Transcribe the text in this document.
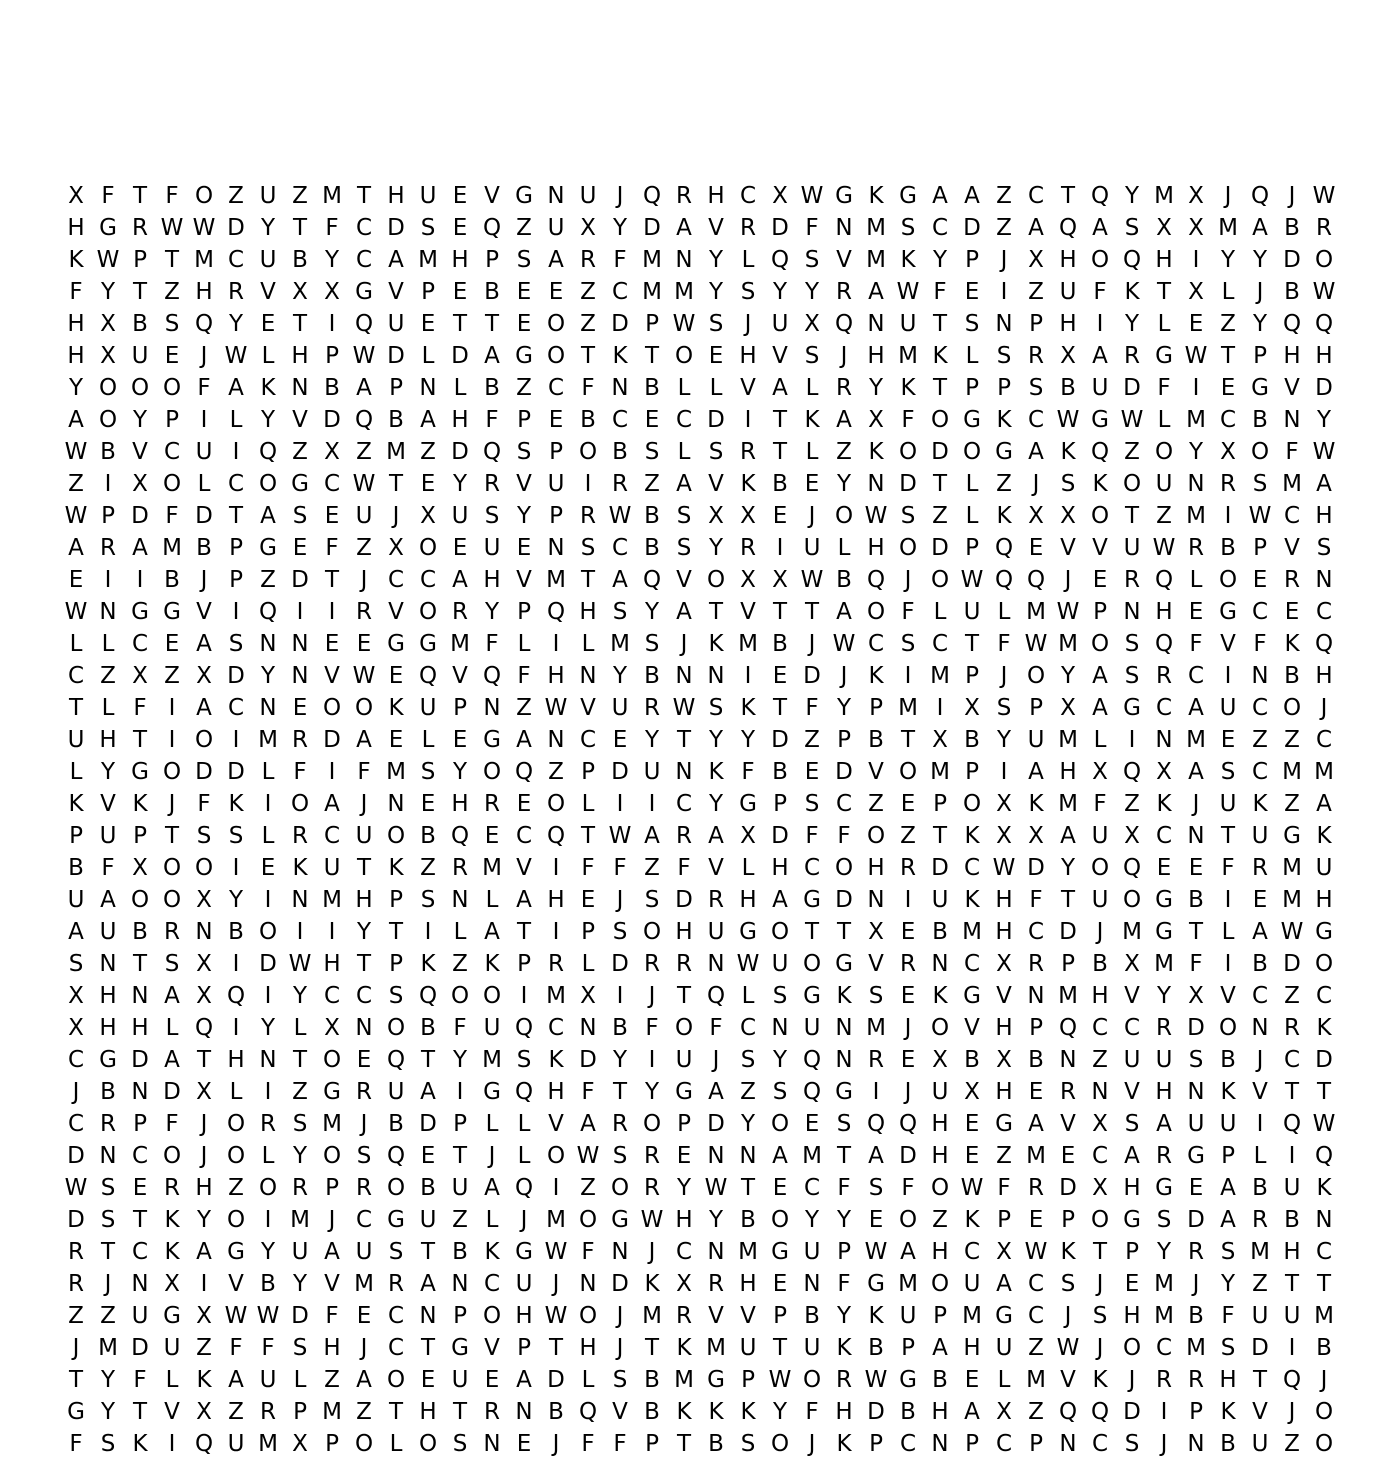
X F T F O Z U Z M T H U E V G N U J Q R H C X W G K G A A Z C T Q Y M X J Q J W
H G R W W D Y T F C D S E Q Z U X Y D A V R D F N M S C D Z A Q A S X X M A B R
K W P T M C U B Y C A M H P S A R F M N Y L Q S V M K Y P J X H O Q H I Y Y D O
F Y T Z H R V X X G V P E B E E Z C M M Y S Y Y R A W F E I Z U F K T X L J B W
H X B S Q Y E T I Q U E T T E O Z D P W S J U X Q N U T S N P H I Y L E Z Y Q Q
H X U E J W L H P W D L D A G O T K T O E H V S J H M K L S R X A R G W T P H H
Y O O O F A K N B A P N L B Z C F N B L L V A L R Y K T P P S B U D F I E G V D
A O Y P I L Y V D Q B A H F P E B C E C D I T K A X F O G K C W G W L M C B N Y
W B V C U I Q Z X Z M Z D Q S P O B S L S R T L Z K O D O G A K Q Z O Y X O F W
Z I X O L C O G C W T E Y R V U I R Z A V K B E Y N D T L Z J S K O U N R S M A
W P D F D T A S E U J X U S Y P R W B S X X E J O W S Z L K X X O T Z M I W C H
A R A M B P G E F Z X O E U E N S C B S Y R I U L H O D P Q E V V U W R B P V S
E I	I B J P Z D T J C C A H V M T A Q V O X X W B Q J O W Q Q J E R Q L O E R N
W N G G V I Q I	I R V O R Y P Q H S Y A T V T T A O F L U L M W P N H E G C E C
L L C E A S N N E E G G M F L I L M S J K M B J W C S C T F W M O S Q F V F K Q
C Z X Z X D Y N V W E Q V Q F H N Y B N N I E D J K I M P J O Y A S R C I N B H
T L F I A C N E O O K U P N Z W V U R W S K T F Y P M I X S P X A G C A U C O J
U H T I O I M R D A E L E G A N C E Y T Y Y D Z P B T X B Y U M L I N M E Z Z C
L Y G O D D L F I F M S Y O Q Z P D U N K F B E D V O M P I A H X Q X A S C M M
K V K J F K I O A J N E H R E O L I	I C Y G P S C Z E P O X K M F Z K J U K Z A
P U P T S S L R C U O B Q E C Q T W A R A X D F F O Z T K X X A U X C N T U G K
B F X O O I E K U T K Z R M V I F F Z F V L H C O H R D C W D Y O Q E E F R M U
U A O O X Y I N M H P S N L A H E J S D R H A G D N I U K H F T U O G B I E M H
A U B R N B O I	I Y T I L A T I P S O H U G O T T X E B M H C D J M G T L A W G
S N T S X I D W H T P K Z K P R L D R R N W U O G V R N C X R P B X M F I B D O
X H N A X Q I Y C C S Q O O I M X I	J T Q L S G K S E K G V N M H V Y X V C Z C
X H H L Q I Y L X N O B F U Q C N B F O F C N U N M J O V H P Q C C R D O N R K
C G D A T H N T O E Q T Y M S K D Y I U J S Y Q N R E X B X B N Z U U S B J C D
J B N D X L I Z G R U A I G Q H F T Y G A Z S Q G I	J U X H E R N V H N K V T T
C R P F J O R S M J B D P L L V A R O P D Y O E S Q Q H E G A V X S A U U I Q W
D N C O J O L Y O S Q E T J L O W S R E N N A M T A D H E Z M E C A R G P L I Q
W S E R H Z O R P R O B U A Q I Z O R Y W T E C F S F O W F R D X H G E A B U K
D S T K Y O I M J C G U Z L J M O G W H Y B O Y Y E O Z K P E P O G S D A R B N
R T C K A G Y U A U S T B K G W F N J C N M G U P W A H C X W K T P Y R S M H C
R J N X I V B Y V M R A N C U J N D K X R H E N F G M O U A C S J E M J Y Z T T
Z Z U G X W W D F E C N P O H W O J M R V V P B Y K U P M G C J S H M B F U U M
J M D U Z F F S H J C T G V P T H J T K M U T U K B P A H U Z W J O C M S D I B
T Y F L K A U L Z A O E U E A D L S B M G P W O R W G B E L M V K J R R H T Q J
G Y T V X Z R P M Z T H T R N B Q V B K K K Y F H D B H A X Z Q Q D I P K V J O
F S K I Q U M X P O L O S N E J F F P T B S O J K P C N P C P N C S J N B U Z O
